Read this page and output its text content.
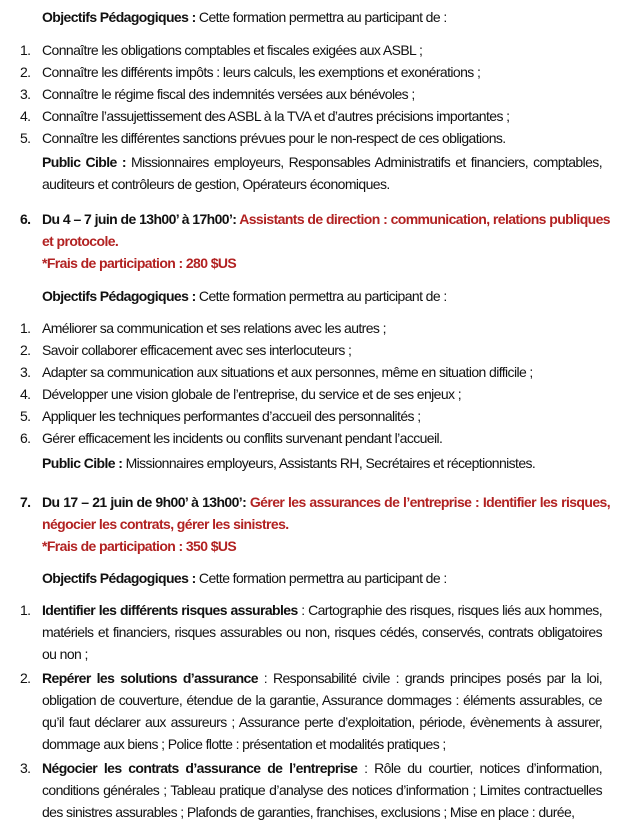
Objectifs Pédagogiques : Cette formation permettra au participant de :
1. Connaître les obligations comptables et fiscales exigées aux ASBL ;
2. Connaître les différents impôts : leurs calculs, les exemptions et exonérations ;
3. Connaître le régime fiscal des indemnités versées aux bénévoles ;
4. Connaître l’assujettissement des ASBL à la TVA et d’autres précisions importantes ;
5. Connaître les différentes sanctions prévues pour le non-respect de ces obligations.
Public Cible : Missionnaires employeurs, Responsables Administratifs et financiers, comptables, auditeurs et contrôleurs de gestion, Opérateurs économiques.
6. Du 4 – 7 juin de 13h00’ à 17h00’: Assistants de direction : communication, relations publiques et protocole.
*Frais de participation : 280 $US
Objectifs Pédagogiques : Cette formation permettra au participant de :
1. Améliorer sa communication et ses relations avec les autres ;
2. Savoir collaborer efficacement avec ses interlocuteurs ;
3. Adapter sa communication aux situations et aux personnes, même en situation difficile ;
4. Développer une vision globale de l’entreprise, du service et de ses enjeux ;
5. Appliquer les techniques performantes d’accueil des personnalités ;
6. Gérer efficacement les incidents ou conflits survenant pendant l’accueil.
Public Cible : Missionnaires employeurs, Assistants RH, Secrétaires et réceptionnistes.
7. Du 17 – 21 juin de 9h00’ à 13h00’: Gérer les assurances de l’entreprise : Identifier les risques, négocier les contrats, gérer les sinistres.
*Frais de participation : 350 $US
Objectifs Pédagogiques : Cette formation permettra au participant de :
1. Identifier les différents risques assurables : Cartographie des risques, risques liés aux hommes, matériels et financiers, risques assurables ou non, risques cédés, conservés, contrats obligatoires ou non ;
2. Repérer les solutions d’assurance : Responsabilité civile : grands principes posés par la loi, obligation de couverture, étendue de la garantie, Assurance dommages : éléments assurables, ce qu’il faut déclarer aux assureurs ; Assurance perte d’exploitation, période, évènements à assurer, dommage aux biens ; Police flotte : présentation et modalités pratiques ;
3. Négocier les contrats d’assurance de l’entreprise : Rôle du courtier, notices d’information, conditions générales ; Tableau pratique d’analyse des notices d’information ; Limites contractuelles des sinistres assurables ; Plafonds de garanties, franchises, exclusions ; Mise en place : durée,
